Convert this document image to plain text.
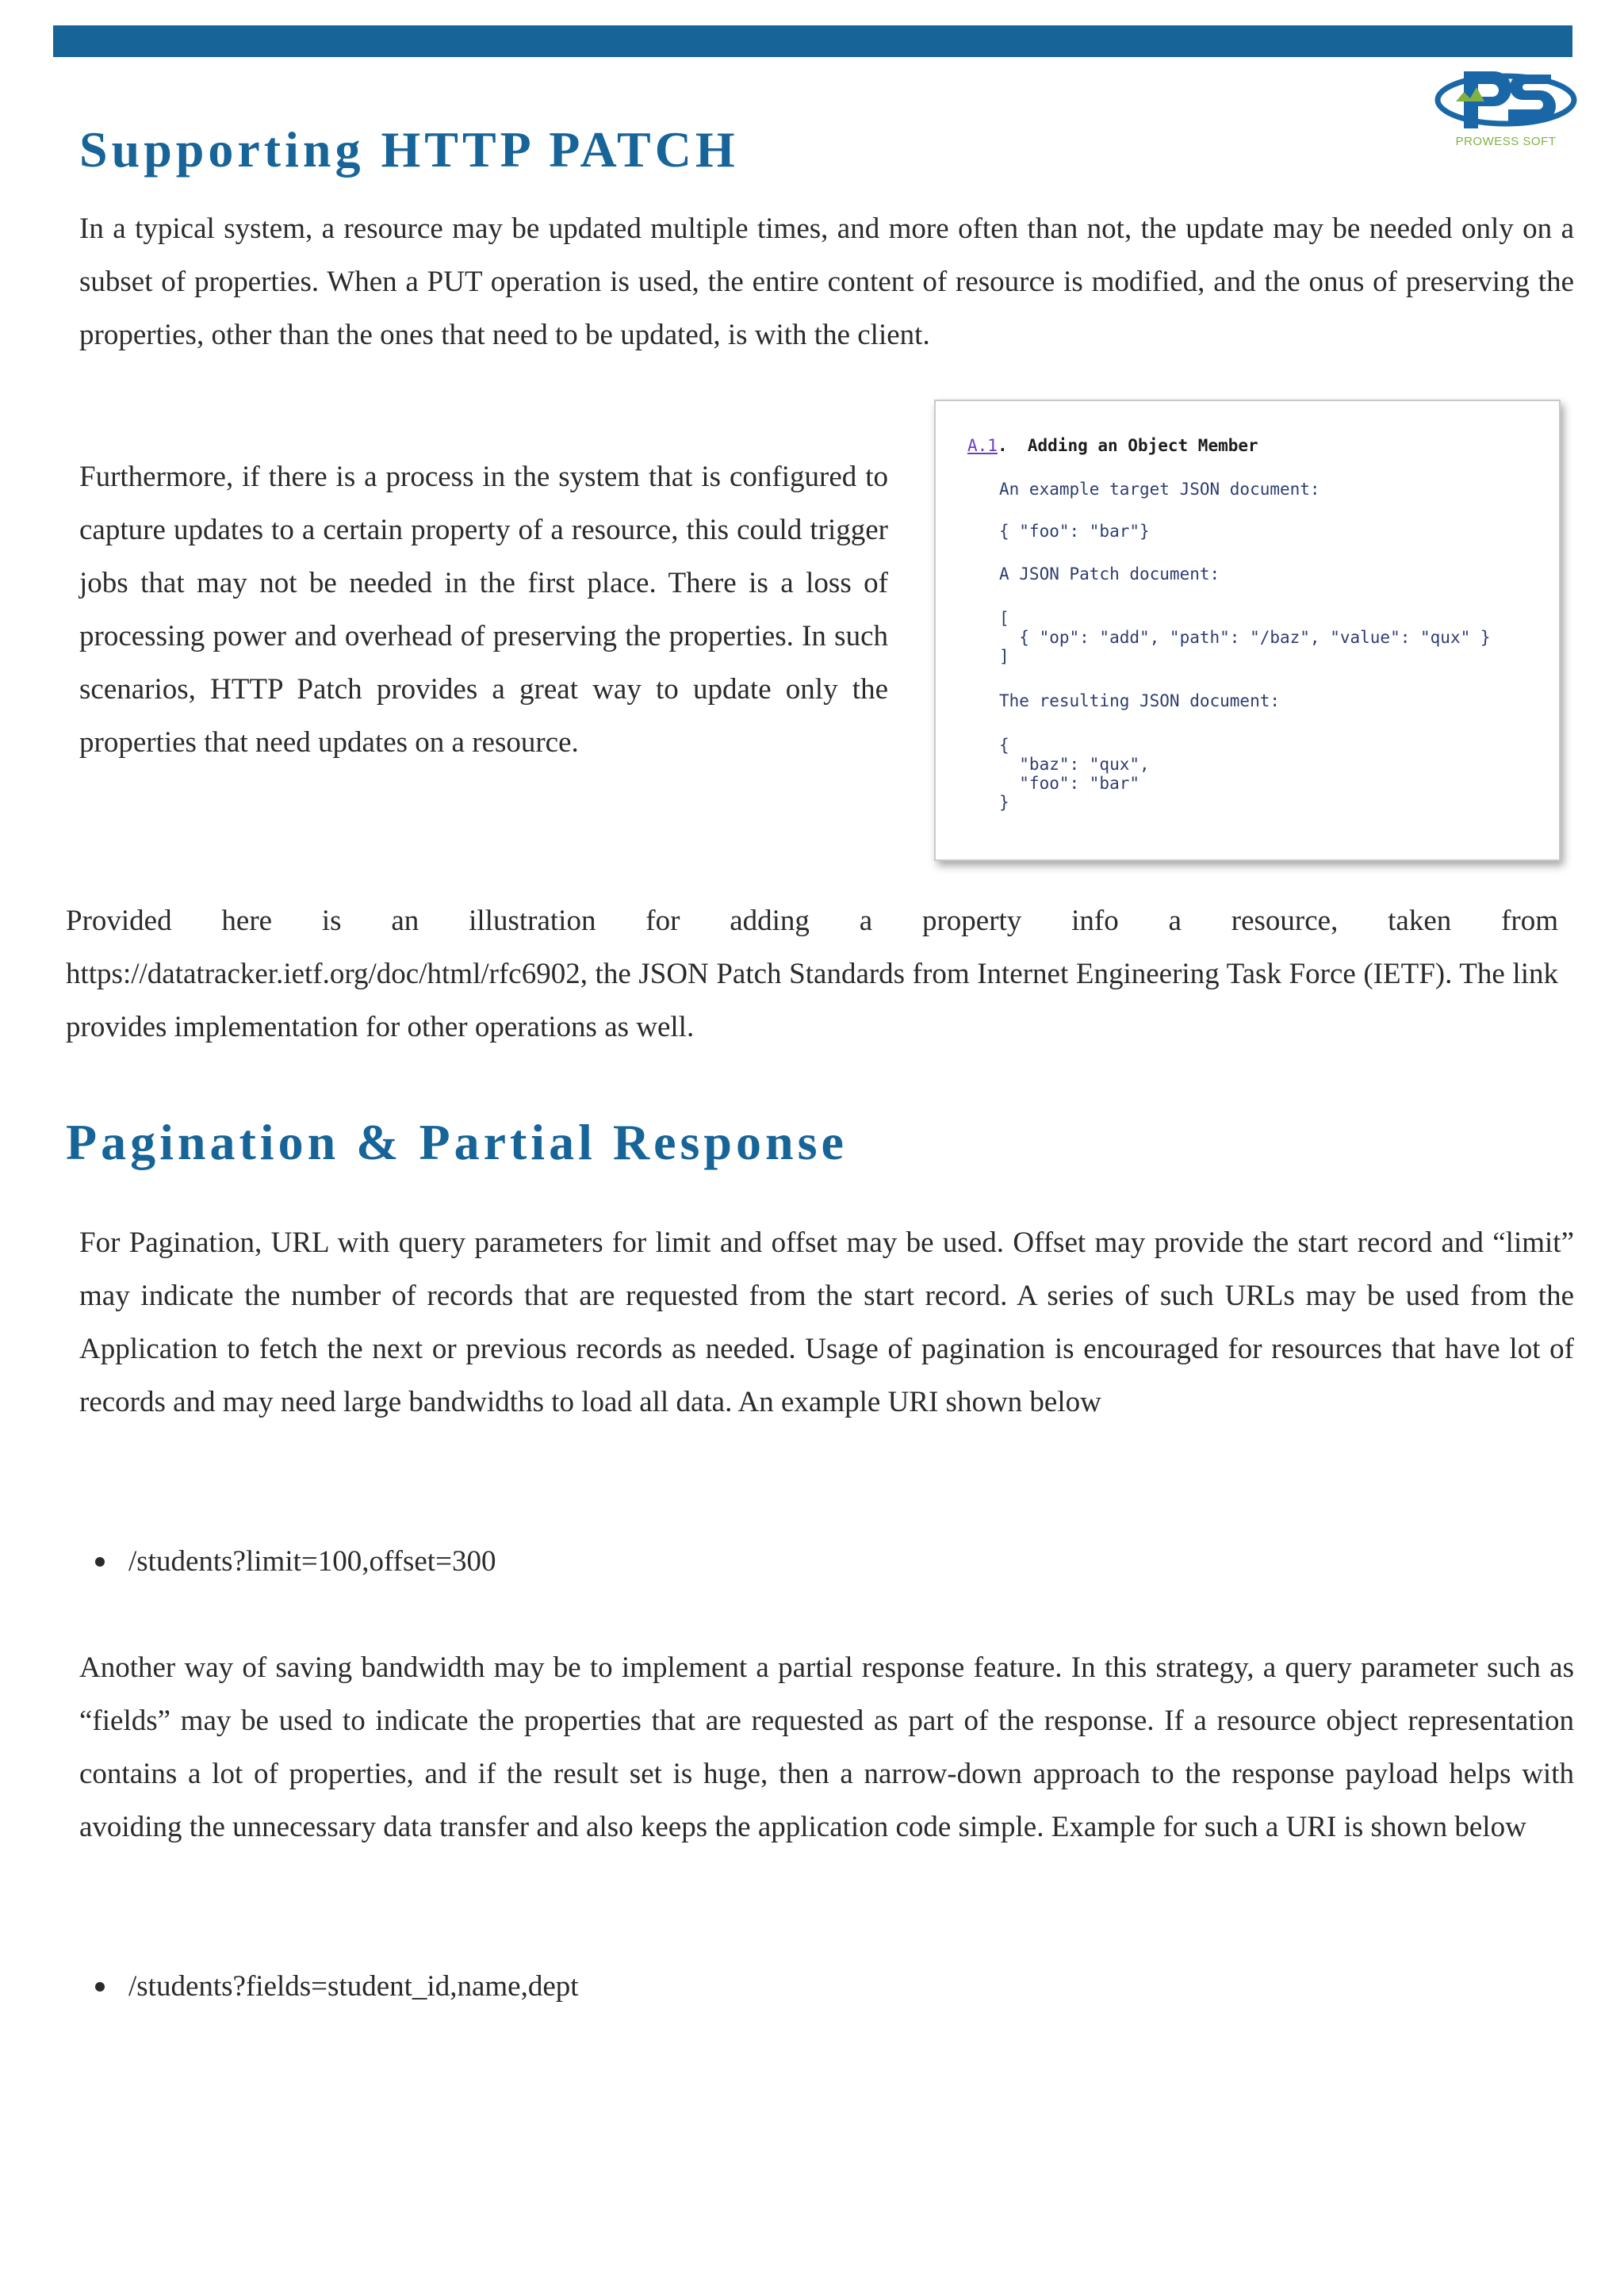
PROWESS SOFT
Supporting HTTP PATCH

In a typical system, a resource may be updated multiple times, and more often than not, the update may be needed only on a subset of properties. When a PUT operation is used, the entire content of resource is modified, and the onus of preserving the properties, other than the ones that need to be updated, is with the client.

Furthermore, if there is a process in the system that is configured to capture updates to a certain property of a resource, this could trigger jobs that may not be needed in the first place. There is a loss of processing power and overhead of preserving the properties. In such scenarios, HTTP Patch provides a great way to update only the properties that need updates on a resource.

A.1.  Adding an Object Member
An example target JSON document:
{ "foo": "bar"}
A JSON Patch document:
[
{ "op": "add", "path": "/baz", "value": "qux" }
]
The resulting JSON document:
{
"baz": "qux",
"foo": "bar"
}

Provided here is an illustration for adding a property info a resource, taken from
https://datatracker.ietf.org/doc/html/rfc6902, the JSON Patch Standards from Internet Engineering Task Force (IETF). The link provides implementation for other operations as well.

Pagination & Partial Response

For Pagination, URL with query parameters for limit and offset may be used. Offset may provide the start record and “limit” may indicate the number of records that are requested from the start record. A series of such URLs may be used from the Application to fetch the next or previous records as needed. Usage of pagination is encouraged for resources that have lot of records and may need large bandwidths to load all data. An example URI shown below

/students?limit=100,offset=300

Another way of saving bandwidth may be to implement a partial response feature. In this strategy, a query parameter such as “fields” may be used to indicate the properties that are requested as part of the response. If a resource object representation contains a lot of properties, and if the result set is huge, then a narrow-down approach to the response payload helps with avoiding the unnecessary data transfer and also keeps the application code simple. Example for such a URI is shown below

/students?fields=student_id,name,dept
